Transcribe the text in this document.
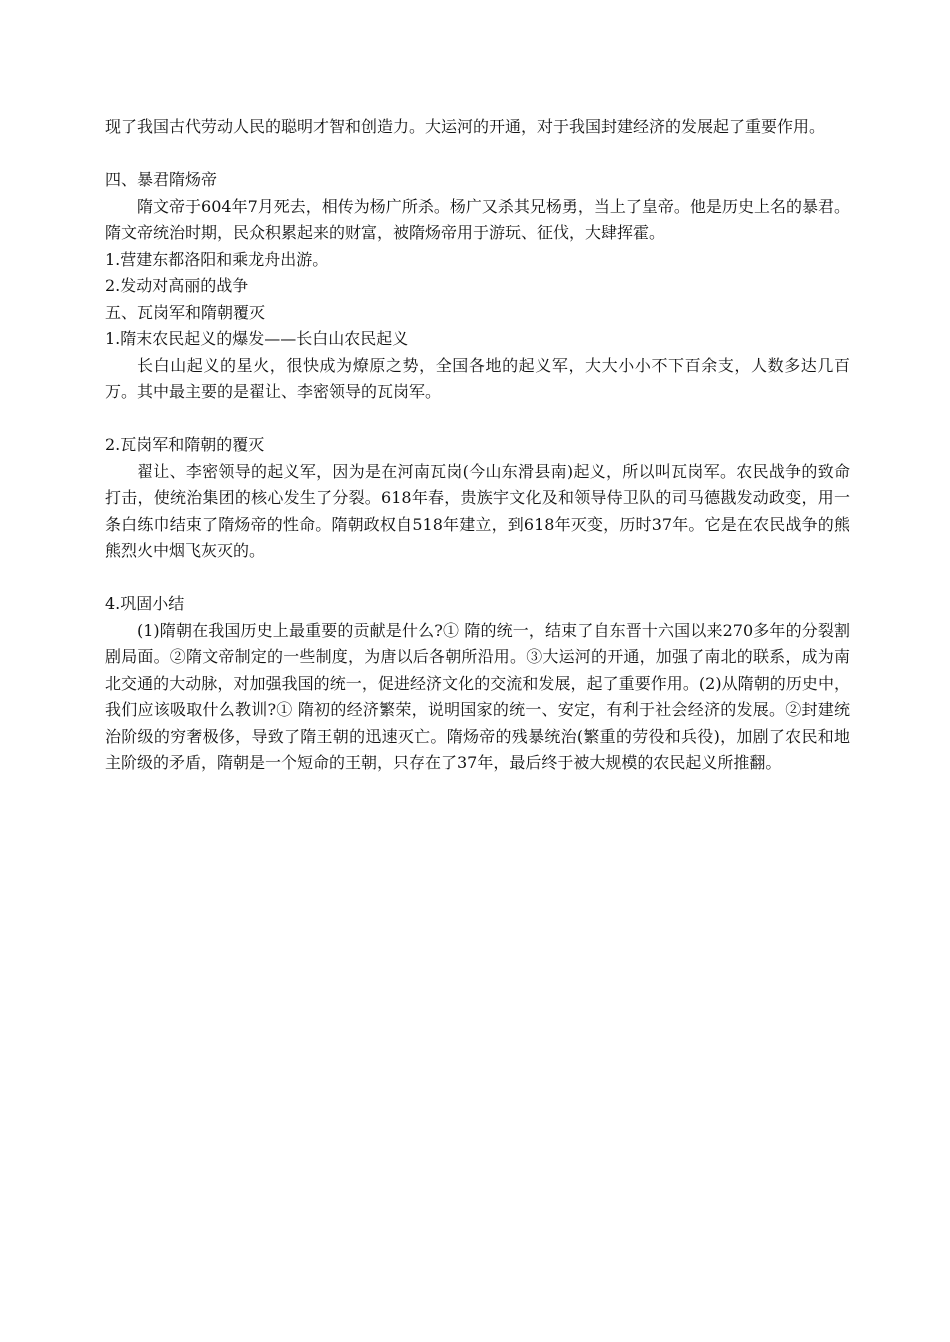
现了我国古代劳动人民的聪明才智和创造力。大运河的开通，对于我国封建经济的发展起了重要作用。

四、暴君隋炀帝

隋文帝于604年7月死去，相传为杨广所杀。杨广又杀其兄杨勇，当上了皇帝。他是历史上名的暴君。隋文帝统治时期，民众积累起来的财富，被隋炀帝用于游玩、征伐，大肆挥霍。

1.营建东都洛阳和乘龙舟出游。

2.发动对高丽的战争

五、瓦岗军和隋朝覆灭

1.隋末农民起义的爆发——长白山农民起义

长白山起义的星火，很快成为燎原之势，全国各地的起义军，大大小小不下百余支，人数多达几百万。其中最主要的是翟让、李密领导的瓦岗军。

2.瓦岗军和隋朝的覆灭

翟让、李密领导的起义军，因为是在河南瓦岗(今山东滑县南)起义，所以叫瓦岗军。农民战争的致命打击，使统治集团的核心发生了分裂。618年春，贵族宇文化及和领导侍卫队的司马德戡发动政变，用一条白练巾结束了隋炀帝的性命。隋朝政权自518年建立，到618年灭变，历时37年。它是在农民战争的熊熊烈火中烟飞灰灭的。

4.巩固小结

(1)隋朝在我国历史上最重要的贡献是什么?① 隋的统一，结束了自东晋十六国以来270多年的分裂割剧局面。②隋文帝制定的一些制度，为唐以后各朝所沿用。③大运河的开通，加强了南北的联系，成为南北交通的大动脉，对加强我国的统一，促进经济文化的交流和发展，起了重要作用。(2)从隋朝的历史中，我们应该吸取什么教训?① 隋初的经济繁荣，说明国家的统一、安定，有利于社会经济的发展。②封建统治阶级的穷奢极侈，导致了隋王朝的迅速灭亡。隋炀帝的残暴统治(繁重的劳役和兵役)，加剧了农民和地主阶级的矛盾，隋朝是一个短命的王朝，只存在了37年，最后终于被大规模的农民起义所推翻。
